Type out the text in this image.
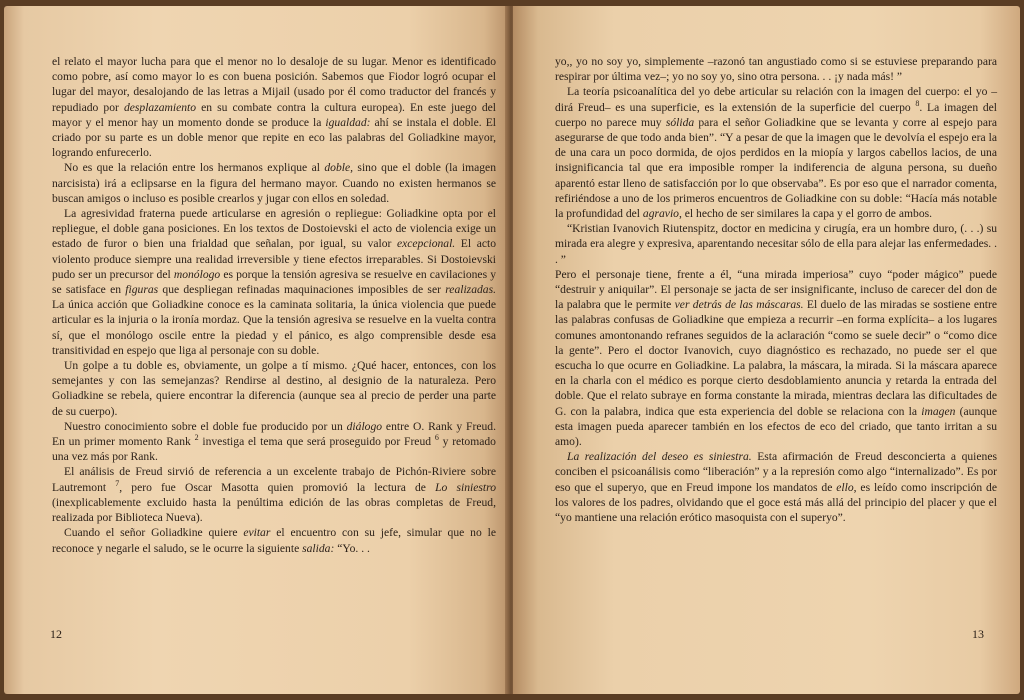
el relato el mayor lucha para que el menor no lo desaloje de su lugar. Menor es identificado como pobre, así como mayor lo es con buena posición. Sabemos que Fiodor logró ocupar el lugar del mayor, desalojando de las letras a Mijail (usado por él como traductor del francés y repudiado por desplazamiento en su combate contra la cultura europea). En este juego del mayor y el menor hay un momento donde se produce la igualdad: ahí se instala el doble. El criado por su parte es un doble menor que repite en eco las palabras del Goliadkine mayor, logrando enfurecerlo.

No es que la relación entre los hermanos explique al doble, sino que el doble (la imagen narcisista) irá a eclipsarse en la figura del hermano mayor. Cuando no existen hermanos se buscan amigos o incluso es posible crearlos y jugar con ellos en soledad.

La agresividad fraterna puede articularse en agresión o repliegue: Goliadkine opta por el repliegue, el doble gana posiciones. En los textos de Dostoievski el acto de violencia exige un estado de furor o bien una frialdad que señalan, por igual, su valor excepcional. El acto violento produce siempre una realidad irreversible y tiene efectos irreparables. Si Dostoievski pudo ser un precursor del monólogo es porque la tensión agresiva se resuelve en cavilaciones y se satisface en figuras que despliegan refinadas maquinaciones imposibles de ser realizadas. La única acción que Goliadkine conoce es la caminata solitaria, la única violencia que puede articular es la injuria o la ironía mordaz. Que la tensión agresiva se resuelve en la vuelta contra sí, que el monólogo oscile entre la piedad y el pánico, es algo comprensible desde esa transitividad en espejo que liga al personaje con su doble.

Un golpe a tu doble es, obviamente, un golpe a tí mismo. ¿Qué hacer, entonces, con los semejantes y con las semejanzas? Rendirse al destino, al designio de la naturaleza. Pero Goliadkine se rebela, quiere encontrar la diferencia (aunque sea al precio de perder una parte de su cuerpo).

Nuestro conocimiento sobre el doble fue producido por un diálogo entre O. Rank y Freud. En un primer momento Rank $^2$ investiga el tema que será proseguido por Freud $^6$ y retomado una vez más por Rank.

El análisis de Freud sirvió de referencia a un excelente trabajo de Pichón-Riviere sobre Lautremont $^7$, pero fue Oscar Masotta quien promovió la lectura de Lo siniestro (inexplicablemente excluido hasta la penúltima edición de las obras completas de Freud, realizada por Biblioteca Nueva).

Cuando el señor Goliadkine quiere evitar el encuentro con su jefe, simular que no le reconoce y negarle el saludo, se le ocurre la siguiente salida: “Yo. . .

12

yo,, yo no soy yo, simplemente –razonó tan angustiado como si se estuviese preparando para respirar por última vez–; yo no soy yo, sino otra persona. . . ¡y nada más! ”

La teoría psicoanalítica del yo debe articular su relación con la imagen del cuerpo: el yo –dirá Freud– es una superficie, es la extensión de la superficie del cuerpo $^8$. La imagen del cuerpo no parece muy sólida para el señor Goliadkine que se levanta y corre al espejo para asegurarse de que todo anda bien”. “Y a pesar de que la imagen que le devolvía el espejo era la de una cara un poco dormida, de ojos perdidos en la miopía y largos cabellos lacios, de una insignificancia tal que era imposible romper la indiferencia de alguna persona, su dueño aparentó estar lleno de satisfacción por lo que observaba”. Es por eso que el narrador comenta, refiriéndose a uno de los primeros encuentros de Goliadkine con su doble: “Hacía más notable la profundidad del agravio, el hecho de ser similares la capa y el gorro de ambos.

“Kristian Ivanovich Riutenspitz, doctor en medicina y cirugía, era un hombre duro, (. . .) su mirada era alegre y expresiva, aparentando necesitar sólo de ella para alejar las enfermedades. . . ”

Pero el personaje tiene, frente a él, “una mirada imperiosa” cuyo “poder mágico” puede “destruir y aniquilar”. El personaje se jacta de ser insignificante, incluso de carecer del don de la palabra que le permite ver detrás de las máscaras. El duelo de las miradas se sostiene entre las palabras confusas de Goliadkine que empieza a recurrir –en forma explícita– a los lugares comunes amontonando refranes seguidos de la aclaración “como se suele decir” o “como dice la gente”. Pero el doctor Ivanovich, cuyo diagnóstico es rechazado, no puede ser el que escucha lo que ocurre en Goliadkine. La palabra, la máscara, la mirada. Si la máscara aparece en la charla con el médico es porque cierto desdoblamiento anuncia y retarda la entrada del doble. Que el relato subraye en forma constante la mirada, mientras declara las dificultades de G. con la palabra, indica que esta experiencia del doble se relaciona con la imagen (aunque esta imagen pueda aparecer también en los efectos de eco del criado, que tanto irritan a su amo).

La realización del deseo es siniestra. Esta afirmación de Freud desconcierta a quienes conciben el psicoanálisis como “liberación” y a la represión como algo “internalizado”. Es por eso que el superyo, que en Freud impone los mandatos de ello, es leído como inscripción de los valores de los padres, olvidando que el goce está más allá del principio del placer y que el “yo mantiene una relación erótico masoquista con el superyo”.

13
